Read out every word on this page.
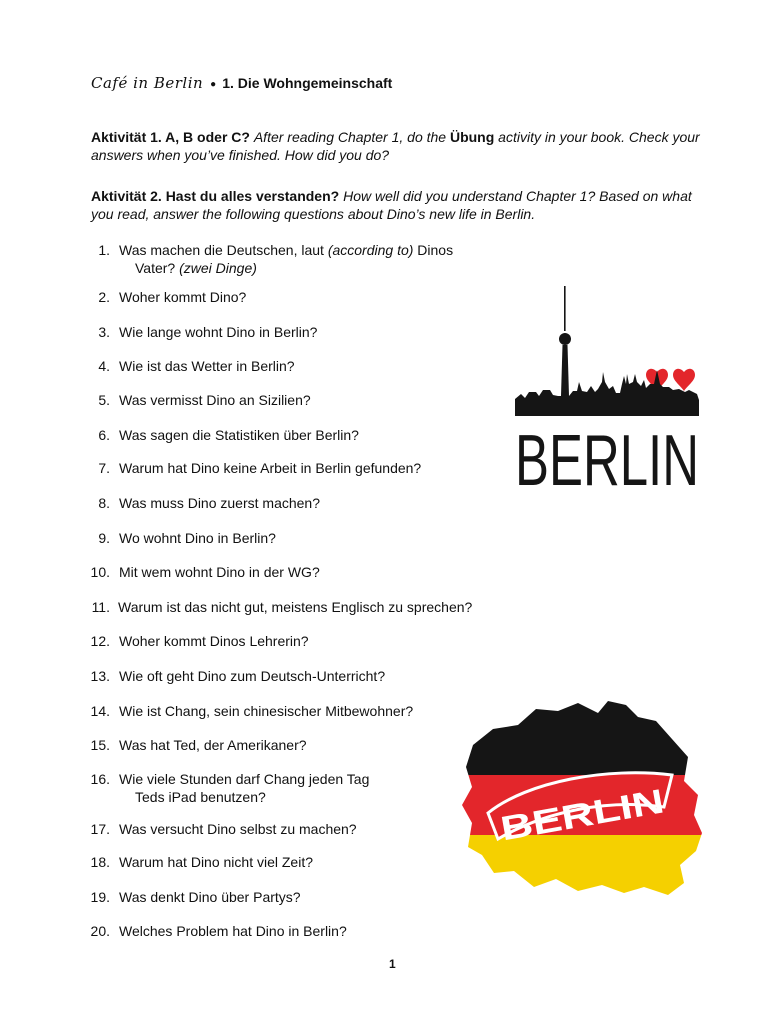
Café in Berlin ● 1. Die Wohngemeinschaft
Aktivität 1. A, B oder C? After reading Chapter 1, do the Übung activity in your book. Check your answers when you’ve finished. How did you do?
Aktivität 2. Hast du alles verstanden? How well did you understand Chapter 1? Based on what you read, answer the following questions about Dino’s new life in Berlin.
1. Was machen die Deutschen, laut (according to) Dinos
Vater? (zwei Dinge)
2. Woher kommt Dino?
3. Wie lange wohnt Dino in Berlin?
4. Wie ist das Wetter in Berlin?
5. Was vermisst Dino an Sizilien?
6. Was sagen die Statistiken über Berlin?
7. Warum hat Dino keine Arbeit in Berlin gefunden?
8. Was muss Dino zuerst machen?
9. Wo wohnt Dino in Berlin?
10. Mit wem wohnt Dino in der WG?
11. Warum ist das nicht gut, meistens Englisch zu sprechen?
12. Woher kommt Dinos Lehrerin?
13. Wie oft geht Dino zum Deutsch-Unterricht?
14. Wie ist Chang, sein chinesischer Mitbewohner?
15. Was hat Ted, der Amerikaner?
16. Wie viele Stunden darf Chang jeden Tag
Teds iPad benutzen?
17. Was versucht Dino selbst zu machen?
18. Warum hat Dino nicht viel Zeit?
19. Was denkt Dino über Partys?
20. Welches Problem hat Dino in Berlin?
BERLIN
BERLIN
1
